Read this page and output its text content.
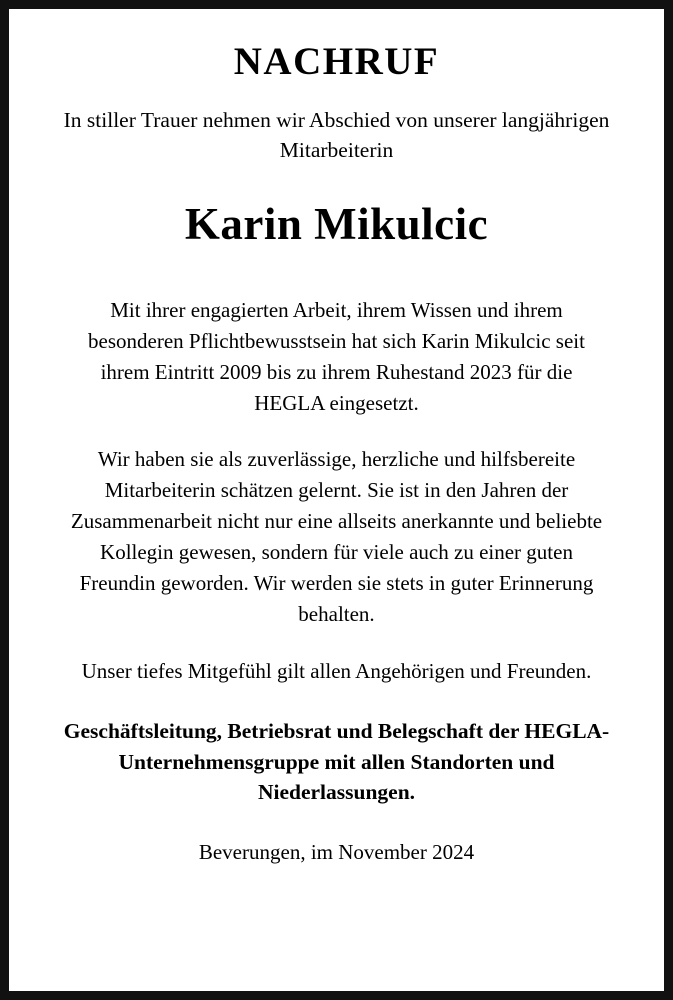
NACHRUF
In stiller Trauer nehmen wir Abschied von unserer langjährigen Mitarbeiterin
Karin Mikulcic
Mit ihrer engagierten Arbeit, ihrem Wissen und ihrem besonderen Pflichtbewusstsein hat sich Karin Mikulcic seit ihrem Eintritt 2009 bis zu ihrem Ruhestand 2023 für die HEGLA eingesetzt.
Wir haben sie als zuverlässige, herzliche und hilfsbereite Mitarbeiterin schätzen gelernt. Sie ist in den Jahren der Zusammenarbeit nicht nur eine allseits anerkannte und beliebte Kollegin gewesen, sondern für viele auch zu einer guten Freundin geworden. Wir werden sie stets in guter Erinnerung behalten.
Unser tiefes Mitgefühl gilt allen Angehörigen und Freunden.
Geschäftsleitung, Betriebsrat und Belegschaft der HEGLA-Unternehmensgruppe mit allen Standorten und Niederlassungen.
Beverungen, im November 2024
